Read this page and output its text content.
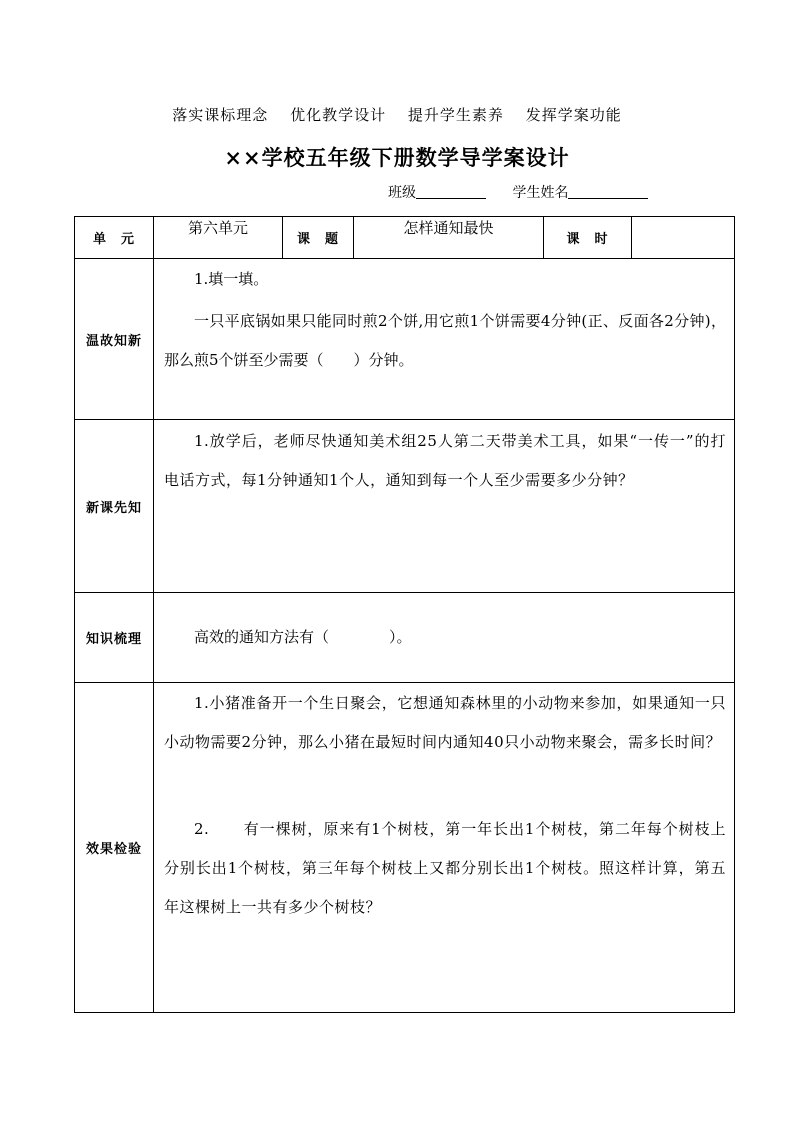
落实课标理念 优化教学设计 提升学生素养 发挥学案功能
××学校五年级下册数学导学案设计
班级	学生姓名
单　元	第六单元	课　题	怎样通知最快	课　时	
温故知新	1.填一填。

一只平底锅如果只能同时煎2个饼,用它煎1个饼需要4分钟(正、反面各2分钟)，那么煎5个饼至少需要（　　）分钟。				

新课先知	1.放学后，老师尽快通知美术组25人第二天带美术工具，如果“一传一”的打电话方式，每1分钟通知1个人，通知到每一个人至少需要多少分钟？				

知识梳理	高效的通知方法有（　　　　）。				

效果检验	1.小猪准备开一个生日聚会，它想通知森林里的小动物来参加，如果通知一只小动物需要2分钟，那么小猪在最短时间内通知40只小动物来聚会，需多长时间？

2. 有一棵树，原来有1个树枝，第一年长出1个树枝，第二年每个树枝上分别长出1个树枝，第三年每个树枝上又都分别长出1个树枝。照这样计算，第五年这棵树上一共有多少个树枝？				
